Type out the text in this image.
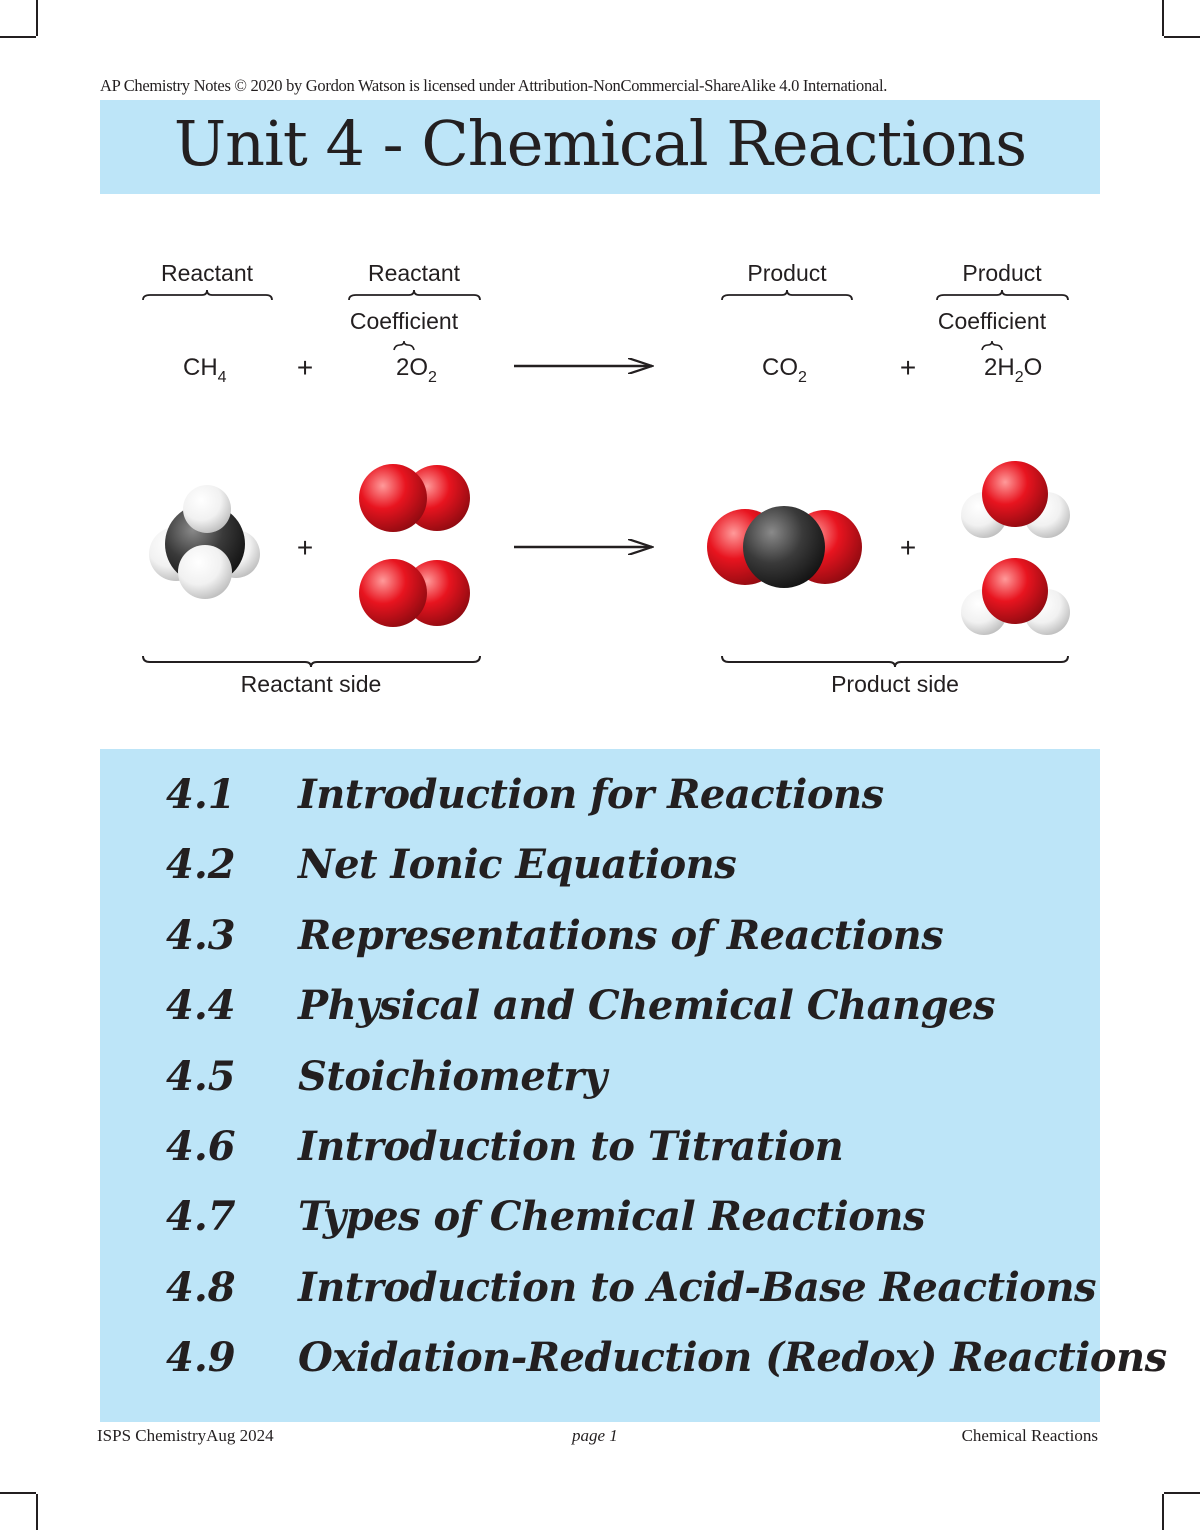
AP Chemistry Notes © 2020 by Gordon Watson is licensed under Attribution-NonCommercial-ShareAlike 4.0 International.
Unit 4 - Chemical Reactions
Reactant	Reactant	Product	Product
Coefficient	Coefficient
$CH_4$	+	$2O_2$	$CO_2$	+	$2H_2O$
+	+
Reactant side	Product side
4.1 Introduction for Reactions
4.2 Net Ionic Equations
4.3 Representations of Reactions
4.4 Physical and Chemical Changes
4.5 Stoichiometry
4.6 Introduction to Titration
4.7 Types of Chemical Reactions
4.8 Introduction to Acid-Base Reactions
4.9 Oxidation-Reduction (Redox) Reactions
ISPS ChemistryAug 2024	page 1	Chemical Reactions
